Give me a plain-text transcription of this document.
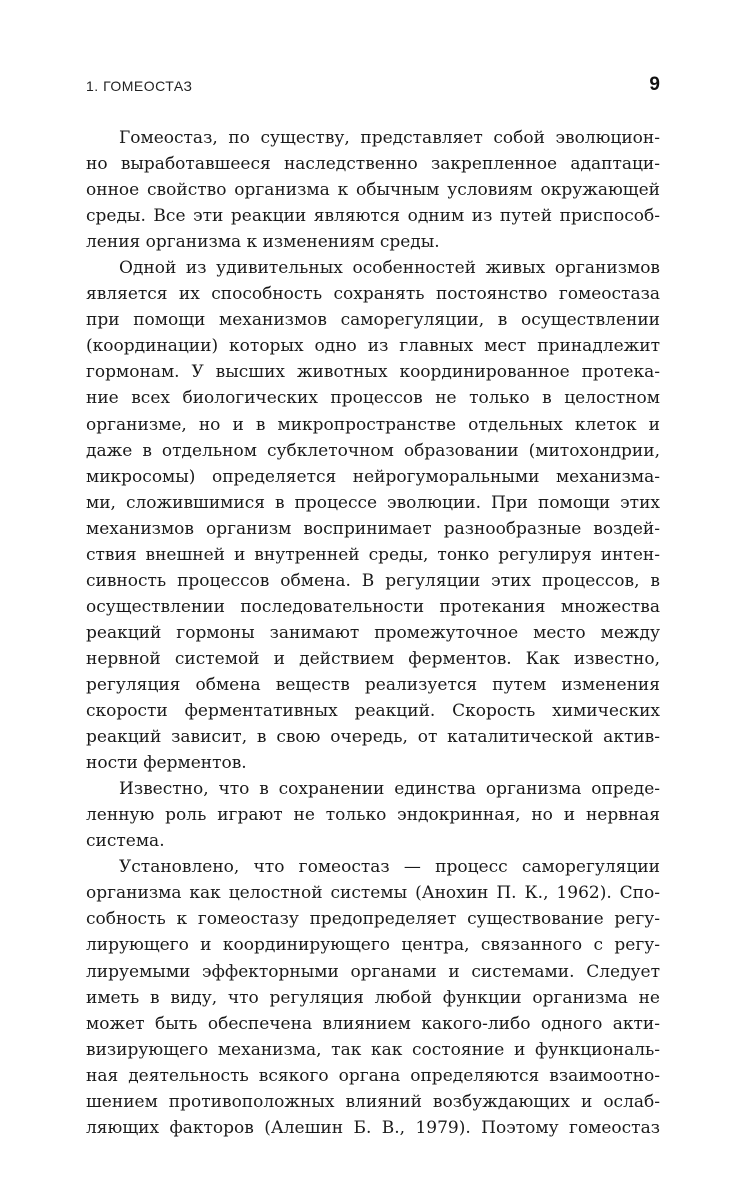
1. ГОМЕОСТАЗ	9
Гомеостаз, по существу, представляет собой эволюцион-
но выработавшееся наследственно закрепленное адаптаци-
онное свойство организма к обычным условиям окружающей
среды. Все эти реакции являются одним из путей приспособ-
ления организма к изменениям среды.
Одной из удивительных особенностей живых организмов
является их способность сохранять постоянство гомеостаза
при помощи механизмов саморегуляции, в осуществлении
(координации) которых одно из главных мест принадлежит
гормонам. У высших животных координированное протека-
ние всех биологических процессов не только в целостном
организме, но и в микропространстве отдельных клеток и
даже в отдельном субклеточном образовании (митохондрии,
микросомы) определяется нейрогуморальными механизма-
ми, сложившимися в процессе эволюции. При помощи этих
механизмов организм воспринимает разнообразные воздей-
ствия внешней и внутренней среды, тонко регулируя интен-
сивность процессов обмена. В регуляции этих процессов, в
осуществлении последовательности протекания множества
реакций гормоны занимают промежуточное место между
нервной системой и действием ферментов. Как известно,
регуляция обмена веществ реализуется путем изменения
скорости ферментативных реакций. Скорость химических
реакций зависит, в свою очередь, от каталитической актив-
ности ферментов.
Известно, что в сохранении единства организма опреде-
ленную роль играют не только эндокринная, но и нервная
система.
Установлено, что гомеостаз — процесс саморегуляции
организма как целостной системы (Анохин П. К., 1962). Спо-
собность к гомеостазу предопределяет существование регу-
лирующего и координирующего центра, связанного с регу-
лируемыми эффекторными органами и системами. Следует
иметь в виду, что регуляция любой функции организма не
может быть обеспечена влиянием какого-либо одного акти-
визирующего механизма, так как состояние и функциональ-
ная деятельность всякого органа определяются взаимоотно-
шением противоположных влияний возбуждающих и ослаб-
ляющих факторов (Алешин Б. В., 1979). Поэтому гомеостаз
